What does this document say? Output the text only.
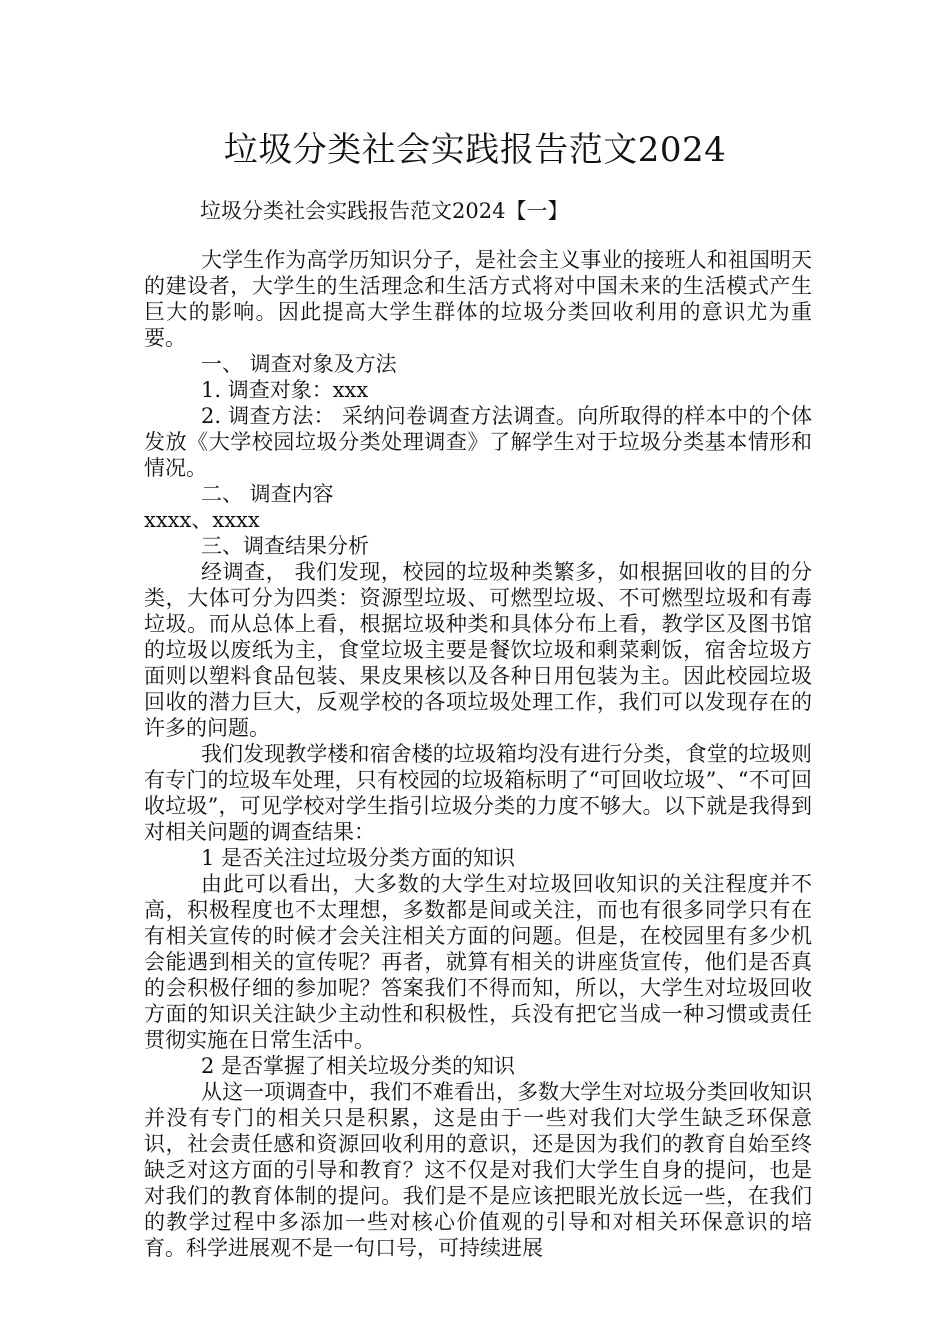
垃圾分类社会实践报告范文2024

垃圾分类社会实践报告范文2024【一】

大学生作为高学历知识分子，是社会主义事业的接班人和祖国明天的建设者，大学生的生活理念和生活方式将对中国未来的生活模式产生巨大的影响。因此提高大学生群体的垃圾分类回收利用的意识尤为重要。

一、 调查对象及方法

1. 调查对象：xxx

2. 调查方法： 采纳问卷调查方法调查。向所取得的样本中的个体发放《大学校园垃圾分类处理调查》了解学生对于垃圾分类基本情形和情况。

二、 调查内容

xxxx、xxxx

三、调查结果分析

经调查， 我们发现，校园的垃圾种类繁多，如根据回收的目的分类，大体可分为四类：资源型垃圾、可燃型垃圾、不可燃型垃圾和有毒垃圾。而从总体上看，根据垃圾种类和具体分布上看，教学区及图书馆的垃圾以废纸为主，食堂垃圾主要是餐饮垃圾和剩菜剩饭，宿舍垃圾方面则以塑料食品包装、果皮果核以及各种日用包装为主。因此校园垃圾回收的潜力巨大，反观学校的各项垃圾处理工作，我们可以发现存在的许多的问题。

我们发现教学楼和宿舍楼的垃圾箱均没有进行分类，食堂的垃圾则有专门的垃圾车处理，只有校园的垃圾箱标明了“可回收垃圾”、“不可回收垃圾”，可见学校对学生指引垃圾分类的力度不够大。以下就是我得到对相关问题的调查结果：

1 是否关注过垃圾分类方面的知识

由此可以看出，大多数的大学生对垃圾回收知识的关注程度并不高，积极程度也不太理想，多数都是间或关注，而也有很多同学只有在有相关宣传的时候才会关注相关方面的问题。但是，在校园里有多少机会能遇到相关的宣传呢？再者，就算有相关的讲座货宣传，他们是否真的会积极仔细的参加呢？答案我们不得而知，所以，大学生对垃圾回收方面的知识关注缺少主动性和积极性，兵没有把它当成一种习惯或责任贯彻实施在日常生活中。

2 是否掌握了相关垃圾分类的知识

从这一项调查中，我们不难看出，多数大学生对垃圾分类回收知识并没有专门的相关只是积累，这是由于一些对我们大学生缺乏环保意识，社会责任感和资源回收利用的意识，还是因为我们的教育自始至终缺乏对这方面的引导和教育？这不仅是对我们大学生自身的提问，也是对我们的教育体制的提问。我们是不是应该把眼光放长远一些，在我们的教学过程中多添加一些对核心价值观的引导和对相关环保意识的培育。科学进展观不是一句口号，可持续进展
